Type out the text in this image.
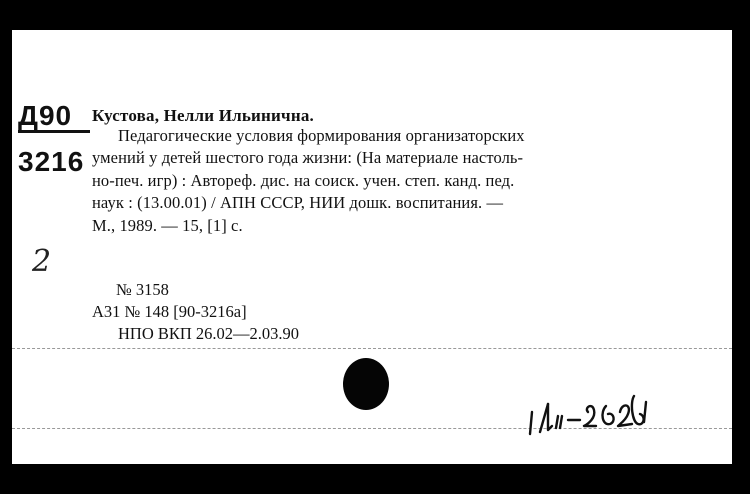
Д90
3216
2
Кустова, Нелли Ильинична.
Педагогические условия формирования организаторских
умений у детей шестого года жизни: (На материале настоль-
но-печ. игр) : Автореф. дис. на соиск. учен. степ. канд. пед.
наук : (13.00.01) / АПН СССР, НИИ дошк. воспитания. —
М., 1989. — 15, [1] с.
№ 3158
А31 № 148 [90-3216а]
НПО ВКП 26.02—2.03.90
